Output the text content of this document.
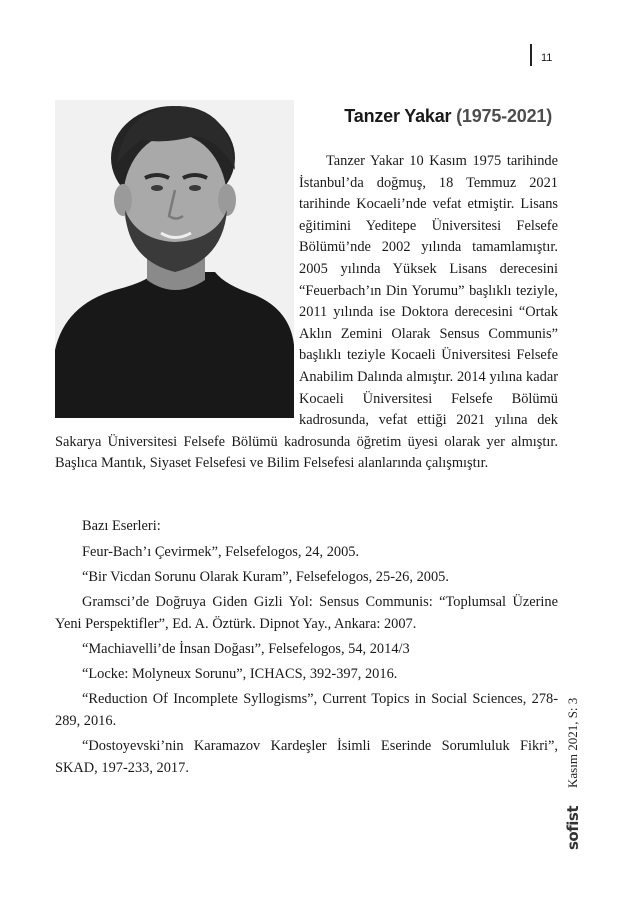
11
Tanzer Yakar (1975-2021)

Tanzer Yakar 10 Kasım 1975 tarihinde İstanbul’da doğmuş, 18 Temmuz 2021 tarihinde Kocaeli’nde vefat etmiştir. Lisans eğitimini Yeditepe Üniversitesi Felsefe Bölümü’nde 2002 yılında tamamlamıştır. 2005 yılında Yüksek Lisans derecesini “Feuerbach’ın Din Yorumu” başlıklı teziyle, 2011 yılında ise Doktora derecesini “Ortak Aklın Zemini Olarak Sensus Communis” başlıklı teziyle Kocaeli Üniversitesi Felsefe Anabilim Dalında almıştır. 2014 yılına kadar Kocaeli Üniversitesi Felsefe Bölümü kadrosunda, vefat ettiği 2021 yılına dek Sakarya Üniversitesi Felsefe Bölümü kadrosunda öğretim üyesi olarak yer almıştır. Başlıca Mantık, Siyaset Felsefesi ve Bilim Felsefesi alanlarında çalışmıştır.

Bazı Eserleri:

Feur-Bach’ı Çevirmek”, Felsefelogos, 24, 2005.

“Bir Vicdan Sorunu Olarak Kuram”, Felsefelogos, 25-26, 2005.

Gramsci’de Doğruya Giden Gizli Yol: Sensus Communis: “Toplumsal Üzerine Yeni Perspektifler”, Ed. A. Öztürk. Dipnot Yay., Ankara: 2007.

“Machiavelli’de İnsan Doğası”, Felsefelogos, 54, 2014/3

“Locke: Molyneux Sorunu”, ICHACS, 392-397, 2016.

“Reduction Of Incomplete Syllogisms”, Current Topics in Social Sciences, 278-289, 2016.

“Dostoyevski’nin Karamazov Kardeşler İsimli Eserinde Sorumluluk Fikri”, SKAD, 197-233, 2017.	Kasım 2021, S: 3
sofist
